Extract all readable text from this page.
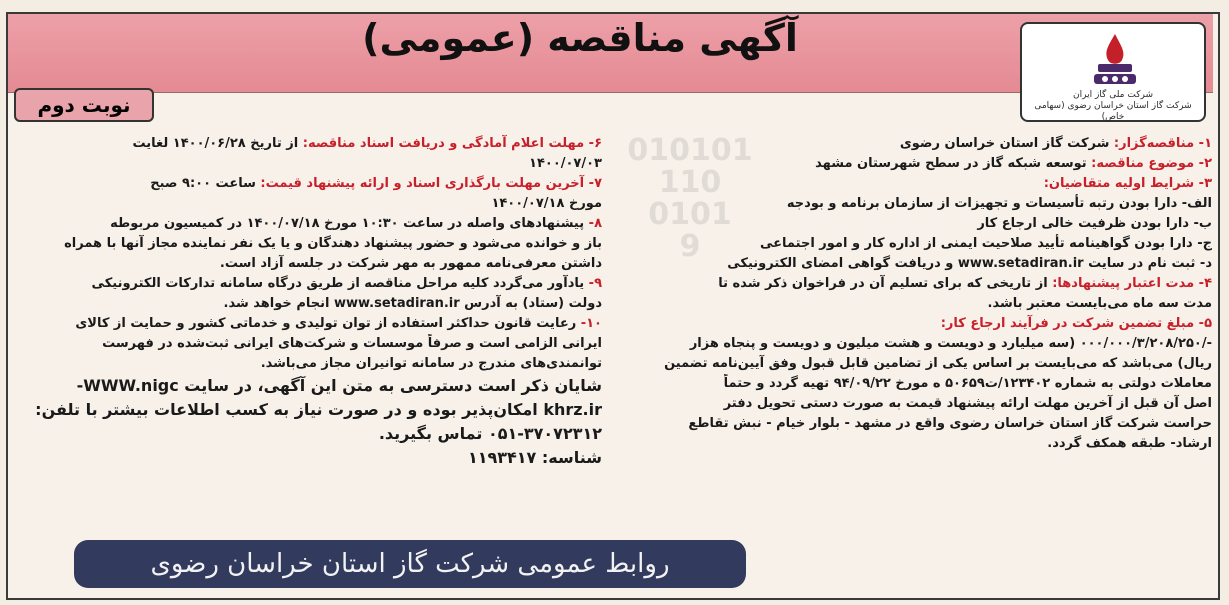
آگهی مناقصه (عمومی)
شرکت ملی گاز ایران
شرکت گاز استان خراسان رضوی (سهامی خاص)
نوبت دوم

۱- مناقصه‌گزار: شرکت گاز استان خراسان رضوی
۲- موضوع مناقصه: توسعه شبکه گاز در سطح شهرستان مشهد
۳- شرایط اولیه متقاضیان:
الف- دارا بودن رتبه تأسیسات و تجهیزات از سازمان برنامه و بودجه
ب- دارا بودن ظرفیت خالی ارجاع کار
ج- دارا بودن گواهینامه تأیید صلاحیت ایمنی از اداره کار و امور اجتماعی
د- ثبت نام در سایت www.setadiran.ir و دریافت گواهی امضای الکترونیکی
۴- مدت اعتبار پیشنهادها: از تاریخی که برای تسلیم آن در فراخوان ذکر شده تا
مدت سه ماه می‌بایست معتبر باشد.
۵- مبلغ تضمین شرکت در فرآیند ارجاع کار:
-/۰۰۰/۰۰۰/۳/۲۰۸/۲۵۰ (سه میلیارد و دویست و هشت میلیون و دویست و پنجاه هزار
ریال) می‌باشد که می‌بایست بر اساس یکی از تضامین قابل قبول وفق آیین‌نامه تضمین
معاملات دولتی به شماره ۱۲۳۴۰۲/ت۵۰۶۵۹ ه مورخ ۹۴/۰۹/۲۲ تهیه گردد و حتماً
اصل آن قبل از آخرین مهلت ارائه پیشنهاد قیمت به صورت دستی تحویل دفتر
حراست شرکت گاز استان خراسان رضوی واقع در مشهد - بلوار خیام - نبش تقاطع
ارشاد- طبقه همکف گردد.
۶- مهلت اعلام آمادگی و دریافت اسناد مناقصه: از تاریخ ۱۴۰۰/۰۶/۲۸ لغایت
۱۴۰۰/۰۷/۰۳
۷- آخرین مهلت بارگذاری اسناد و ارائه پیشنهاد قیمت: ساعت ۹:۰۰ صبح
مورخ ۱۴۰۰/۰۷/۱۸
۸- پیشنهادهای واصله در ساعت ۱۰:۳۰ مورخ ۱۴۰۰/۰۷/۱۸ در کمیسیون مربوطه
باز و خوانده می‌شود و حضور پیشنهاد دهندگان و یا یک نفر نماینده مجاز آنها با همراه
داشتن معرفی‌نامه ممهور به مهر شرکت در جلسه آزاد است.
۹- یادآور می‌گردد کلیه مراحل مناقصه از طریق درگاه سامانه تدارکات الکترونیکی
دولت (ستاد) به آدرس www.setadiran.ir انجام خواهد شد.
۱۰- رعایت قانون حداکثر استفاده از توان تولیدی و خدماتی کشور و حمایت از کالای
ایرانی الزامی است و صرفاً موسسات و شرکت‌های ایرانی ثبت‌شده در فهرست
توانمندی‌های مندرج در سامانه توانیران مجاز می‌باشد.
شایان ذکر است دسترسی به متن این آگهی، در سایت WWW.nigc-
khrz.ir امکان‌پذیر بوده و در صورت نیاز به کسب اطلاعات بیشتر با تلفن:
۰۵۱-۳۷۰۷۲۳۱۲ تماس بگیرید.
شناسه: ۱۱۹۳۴۱۷
روابط عمومی شرکت گاز استان خراسان رضوی
